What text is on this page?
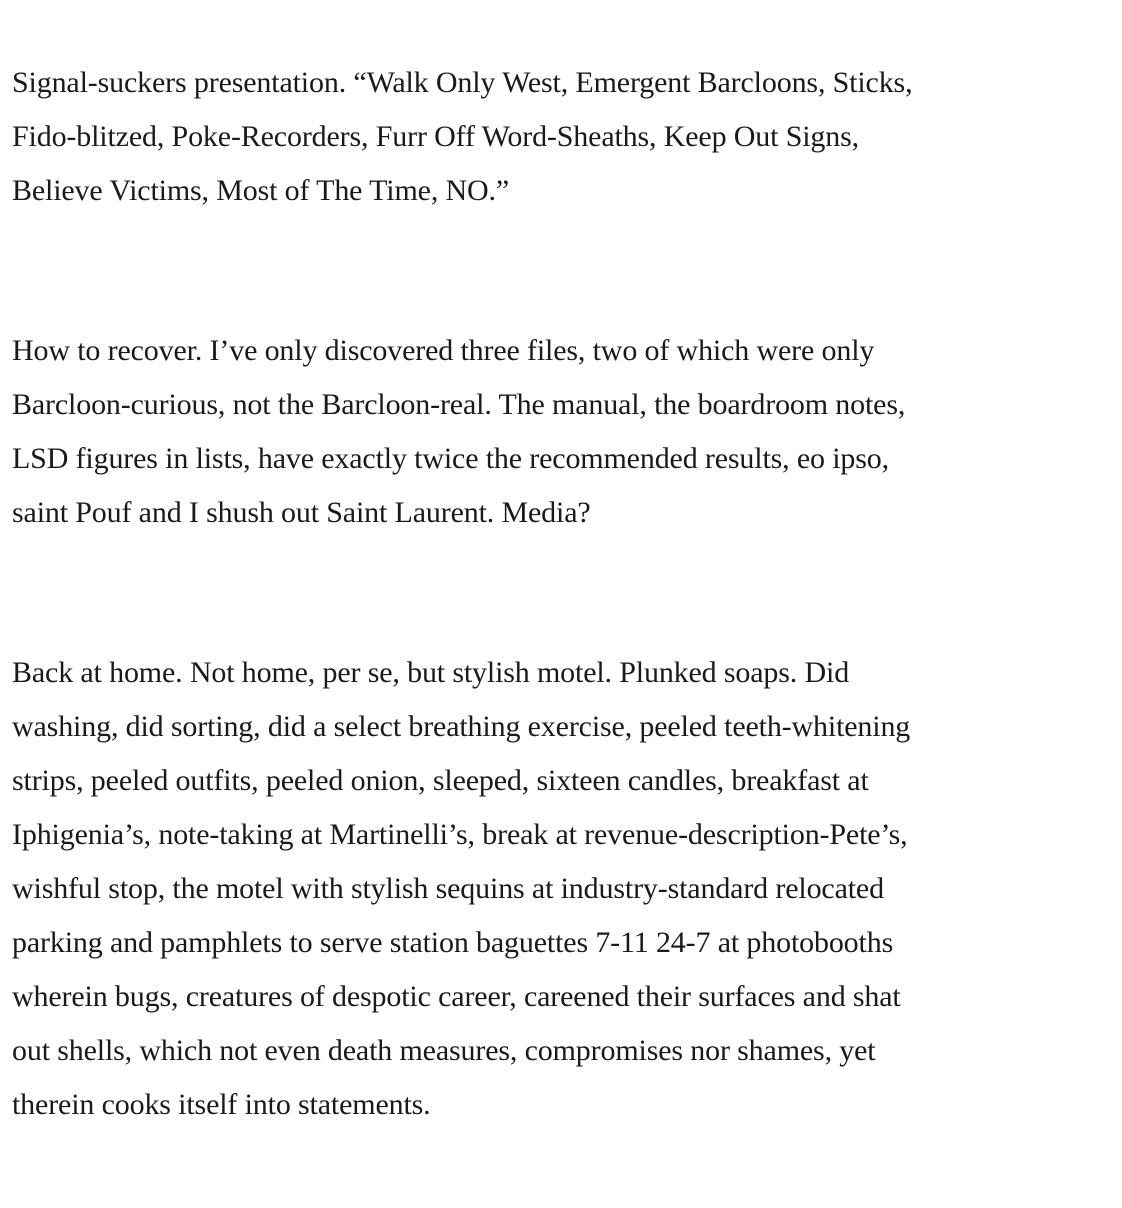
Signal-suckers presentation. “Walk Only West, Emergent Barcloons, Sticks,
Fido-blitzed, Poke-Recorders, Furr Off Word-Sheaths, Keep Out Signs,
Believe Victims, Most of The Time, NO.”

How to recover. I’ve only discovered three files, two of which were only
Barcloon-curious, not the Barcloon-real. The manual, the boardroom notes,
LSD figures in lists, have exactly twice the recommended results, eo ipso,
saint Pouf and I shush out Saint Laurent. Media?

Back at home. Not home, per se, but stylish motel. Plunked soaps. Did
washing, did sorting, did a select breathing exercise, peeled teeth-whitening
strips, peeled outfits, peeled onion, sleeped, sixteen candles, breakfast at
Iphigenia’s, note-taking at Martinelli’s, break at revenue-description-Pete’s,
wishful stop, the motel with stylish sequins at industry-standard relocated
parking and pamphlets to serve station baguettes 7-11 24-7 at photobooths
wherein bugs, creatures of despotic career, careened their surfaces and shat
out shells, which not even death measures, compromises nor shames, yet
therein cooks itself into statements.
